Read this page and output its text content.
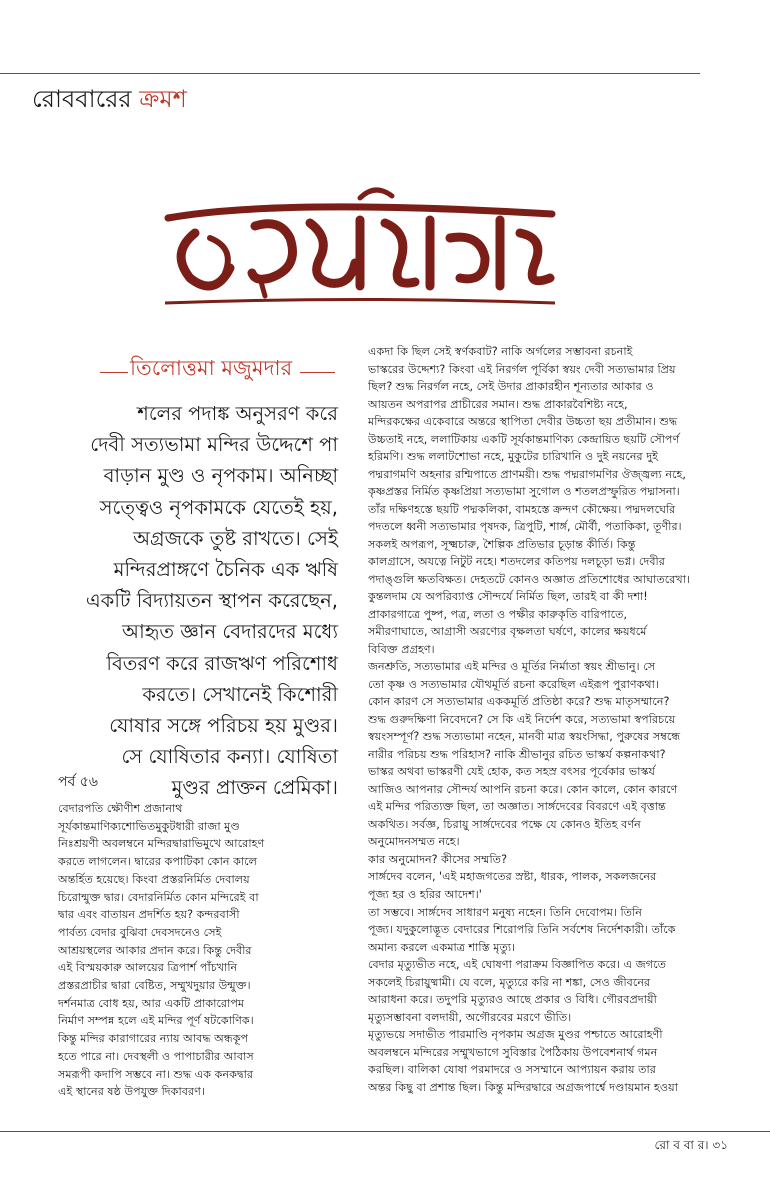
রোববারের ক্রমশ
তিলোত্তমা মজুমদার
শলের পদাঙ্ক অনুসরণ করে
দেবী সত্যভামা মন্দির উদ্দেশে পা
বাড়ান মুণ্ড ও নৃপকাম। অনিচ্ছা
সত্ত্বেও নৃপকামকে যেতেই হয়,
অগ্রজকে তুষ্ট রাখতে। সেই
মন্দিরপ্রাঙ্গণে চৈনিক এক ঋষি
একটি বিদ্যায়তন স্থাপন করেছেন,
আহৃত জ্ঞান বেদারদের মধ্যে
বিতরণ করে রাজঋণ পরিশোধ
করতে। সেখানেই কিশোরী
যোষার সঙ্গে পরিচয় হয় মুণ্ডর।
সে যোষিতার কন্যা। যোষিতা
মুণ্ডর প্রাক্তন প্রেমিকা।
পর্ব ৫৬
বেদারপতি ক্ষৌণীশ প্রজানাথ
সূর্যকান্তমাণিক্যশোভিতমুকুটধারী রাজা মুণ্ড
নিঃশ্রয়ণী অবলম্বনে মন্দিরদ্বারাভিমুখে আরোহণ
করতে লাগলেন। দ্বারের কপাটিকা কোন কালে
অন্তর্হিত হয়েছে। কিংবা প্রস্তরনির্মিত দেবালয়
চিরোন্মুক্ত দ্বার। বেদারনির্মিত কোন মন্দিরেই বা
দ্বার এবং বাতায়ন প্রদর্শিত হয়? কন্দরবাসী
পার্বত্য বেদার বুঝিবা দেবসদনেও সেই
আশ্রয়স্থলের আকার প্রদান করে। কিন্তু দেবীর
এই বিস্ময়কারু আলয়ের ত্রিপার্শ পাঁচখানি
প্রস্তরপ্রাচীর দ্বারা বেষ্টিত, সম্মুখদুয়ার উন্মুক্ত।
দর্শনমাত্র বোধ হয়, আর একটি প্রাকারোপম
নির্মাণ সম্পন্ন হলে এই মন্দির পূর্ণ ষটকোণিক।
কিন্তু মন্দির কারাগারের ন্যায় আবদ্ধ অন্ধকূপ
হতে পারে না। দেবস্থলী ও পাপাচারীর আবাস
সমরূপী কদাপি সম্ভবে না। শুদ্ধ এক কনকদ্বার
এই স্থানের ষষ্ঠ উপযুক্ত দিকাবরণ।
একদা কি ছিল সেই স্বর্ণকবাট? নাকি অর্গলের সম্ভাবনা রচনাই
ভাস্করের উদ্দেশ্য? কিংবা এই নিরর্গল পূর্বিকা স্বয়ং দেবী সত্যভামার প্রিয়
ছিল? শুদ্ধ নিরর্গল নহে, সেই উদার প্রাকারহীন শূন্যতার আকার ও
আয়তন অপরাপর প্রাচীরের সমান। শুদ্ধ প্রাকারবৈশিষ্ট্য নহে,
মন্দিরকক্ষের একেবারে অন্তরে স্থাপিতা দেবীর উচ্চতা ছয় প্রতীমান। শুদ্ধ
উচ্চতাই নহে, ললাটিকায় একটি সূর্যকান্তমাণিক্য কেন্দ্রায়িত ছয়টি সৌপর্ণ
হরিমণি। শুদ্ধ ললাটশোভা নহে, মুকুটের চারিখানি ও দুই নয়নের দুই
পদ্মরাগমণি অহনার রশ্মিপাতে প্রাণময়ী। শুদ্ধ পদ্মরাগমণির ঔজ্জ্বল্য নহে,
কৃষ্ণপ্রস্তর নির্মিত কৃষ্ণপ্রিয়া সত্যভামা সুগোল ও শতলপ্রস্ফুরিত পদ্মাসনা।
তাঁর দক্ষিণহস্তে ছয়টি পদ্মকলিকা, বামহস্তে ক্রন্দণ কৌক্ষেয়। পদ্মদলঘেরি
পদতলে ধ্বনী সত্যভামার পৃষদক, ত্রিপুটি, শার্ঙ্গ, মৌর্বী, পতাকিকা, তূণীর।
সকলই অপরূপ, সূক্ষ্মচারু, শৈল্পিক প্রতিভার চূড়ান্ত কীর্তি। কিন্তু
কালগ্রাসে, অযত্নে নিটুট নহে। শতদলের কতিপয় দলচূড়া ভগ্ন। দেবীর
পদাঙ্গুলি ক্ষতবিক্ষত। দেহতটে কোনও অজ্ঞাত প্রতিশোধের আঘাতরেখা।
কুন্তলদাম যে অপরিব্যাপ্ত সৌন্দর্যে নির্মিত ছিল, তারই বা কী দশা!
প্রাকারগাত্রে পুষ্প, পত্র, লতা ও পক্ষীর কারুকৃতি বারিপাতে,
সমীরণাঘাতে, আগ্রাসী অরণ্যের বৃক্ষলতা ঘর্ষণে, কালের ক্ষয়ধর্মে
বিবিক্ত প্রগ্রহণ।
জনশ্রুতি, সত্যভামার এই মন্দির ও মূর্তির নির্মাতা স্বয়ং শ্রীভানু। সে
তো কৃষ্ণ ও সত্যভামার যৌথমূর্তি রচনা করেছিল এইরূপ পুরাণকথা।
কোন কারণ সে সত্যভামার এককমূর্তি প্রতিষ্ঠা করে? শুদ্ধ মাতৃসম্মানে?
শুদ্ধ গুরুদক্ষিণা নিবেদনে? সে কি এই নির্দেশ করে, সত্যভামা স্বপরিচয়ে
স্বয়ংসম্পূর্ণ? শুদ্ধ সত্যভামা নহেন, মানবী মাত্র স্বয়ংসিদ্ধা, পুরুষের সম্বন্ধে
নারীর পরিচয় শুদ্ধ পরিহাস? নাকি শ্রীভানুর রচিত ভাস্কর্য কল্পনাকথা?
ভাস্কর অথবা ভাস্করণী যেই হোক, কত সহস্র বৎসর পূর্বেকার ভাস্কর্য
আজিও আপনার সৌন্দর্য আপনি রচনা করে। কোন কালে, কোন কারণে
এই মন্দির পরিত্যক্ত ছিল, তা অজ্ঞাত। সার্ঙ্গদেবের বিবরণে এই বৃত্তান্ত
অকথিত। সর্বজ্ঞ, চিরায়ু সার্ঙ্গদেবের পক্ষে যে কোনও ইতিহ বর্ণন
অনুমোদনসম্মত নহে।
কার অনুমোদন? কীসের সম্মতি?
সার্ঙ্গদেব বলেন, 'এই মহাজগতের স্রষ্টা, ধারক, পালক, সকলজনের
পূজ্য হর ও হরির আদেশ।'
তা সম্ভবে। সার্ঙ্গদেব সাধারণ মনুষ্য নহেন। তিনি দেবোপম। তিনি
পূজ্য। যদুকুলোদ্ভূত বেদারের শিরোপরি তিনি সর্বশেষ নির্দেশকারী। তাঁকে
অমান্য করলে একমাত্র শাস্তি মৃত্যু।
বেদার মৃত্যুভীত নহে, এই ঘোষণা পরাক্রম বিজ্ঞাপিত করে। এ জগতে
সকলেই চিরায়ুষ্মামী। যে বলে, মৃত্যুরে করি না শঙ্কা, সেও জীবনের
আরাধনা করে। তদুপরি মৃত্যুরও আছে প্রকার ও বিধি। গৌরবপ্রদায়ী
মৃত্যুসম্ভাবনা বলদায়ী, অগৌরবের মরণে ভীতি।
মৃত্যুভয়ে সদাভীত পারমাণ্ডি নৃপকাম অগ্রজ মুণ্ডর পশ্চাতে আরোহণী
অবলম্বনে মন্দিরের সম্মুখভাগে সুবিস্তার পৈঠিকায় উপবেশনার্থ গমন
করছিল। বালিকা যোষা পরমাদরে ও সসম্মানে আপ্যায়ন করায় তার
অন্তর কিছু বা প্রশান্ত ছিল। কিন্তু মন্দিরদ্বারে অগ্রজপার্শ্বে দণ্ডায়মান হওয়া
রো ব বা র। ৩১
